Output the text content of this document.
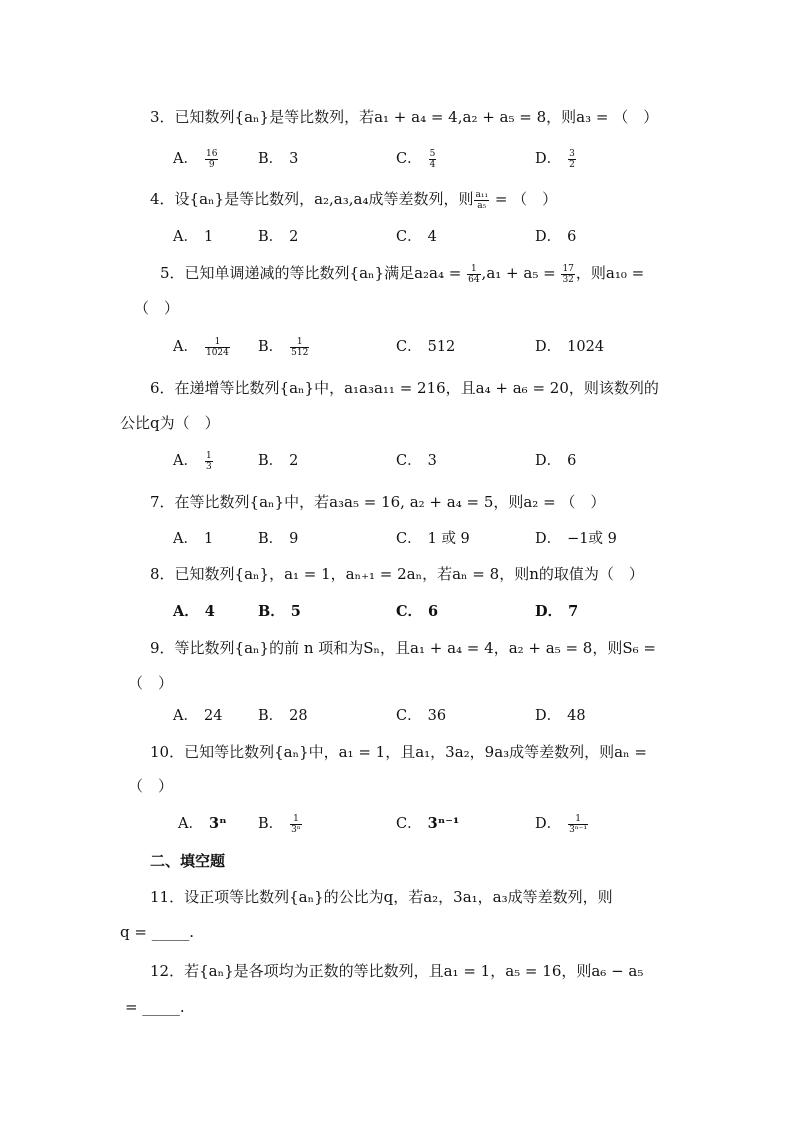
3．已知数列{aₙ}是等比数列，若a₁ + a₄ = 4,a₂ + a₅ = 8，则a₃ = （　）
A． $\frac{16}{9}$	B． 3	C． $\frac{5}{4}$	D． $\frac{3}{2}$
4．设{aₙ}是等比数列，a₂,a₃,a₄成等差数列，则 $\frac{\text{a₁₁}}{\text{a₅}}$ = （　）
A． 1	B． 2	C． 4	D． 6
5．已知单调递减的等比数列{aₙ}满足$a_2a_4 = \frac{1}{64} ,a_1 + a_5 = \frac{17}{32}$ ，则a₁₀ =
（　）
A． $\frac{1}{1024}$ B． $\frac{1}{512}$	C． 512	D． 1024
6．在递增等比数列{aₙ}中，a₁a₃a₁₁ = 216，且a₄ + a₆ = 20，则该数列的
公比q为（　）
A． $\frac{1}{3}$	B． 2	C． 3	D． 6
7．在等比数列{aₙ}中，若a₃a₅ = 16, a₂ + a₄ = 5，则a₂ = （　）
A． 1	B． 9	C． 1 或 9	D． −1或 9
8．已知数列{aₙ}，a₁ = 1，aₙ₊₁ = 2aₙ，若aₙ = 8，则n的取值为（　）
A． 4	B． 5	C． 6	D． 7
9．等比数列{aₙ}的前 n 项和为Sₙ，且a₁ + a₄ = 4，a₂ + a₅ = 8，则S₆ =
（　）
A． 24 B． 28	C． 36	D． 48
10．已知等比数列{aₙ}中，a₁ = 1，且a₁，3a₂，9a₃成等差数列，则aₙ =
（　）
A． 3ⁿ B． $\frac{1}{\text{3ⁿ}}$	C． 3ⁿ⁻¹	D． $\frac{1}{\text{3ⁿ⁻¹}}$
二、填空题
11．设正项等比数列{aₙ}的公比为q，若a₂，3a₁，a₃成等差数列，则
q = _____.
12．若{aₙ}是各项均为正数的等比数列，且a₁ = 1，a₅ = 16，则a₆ − a₅
= _____.
